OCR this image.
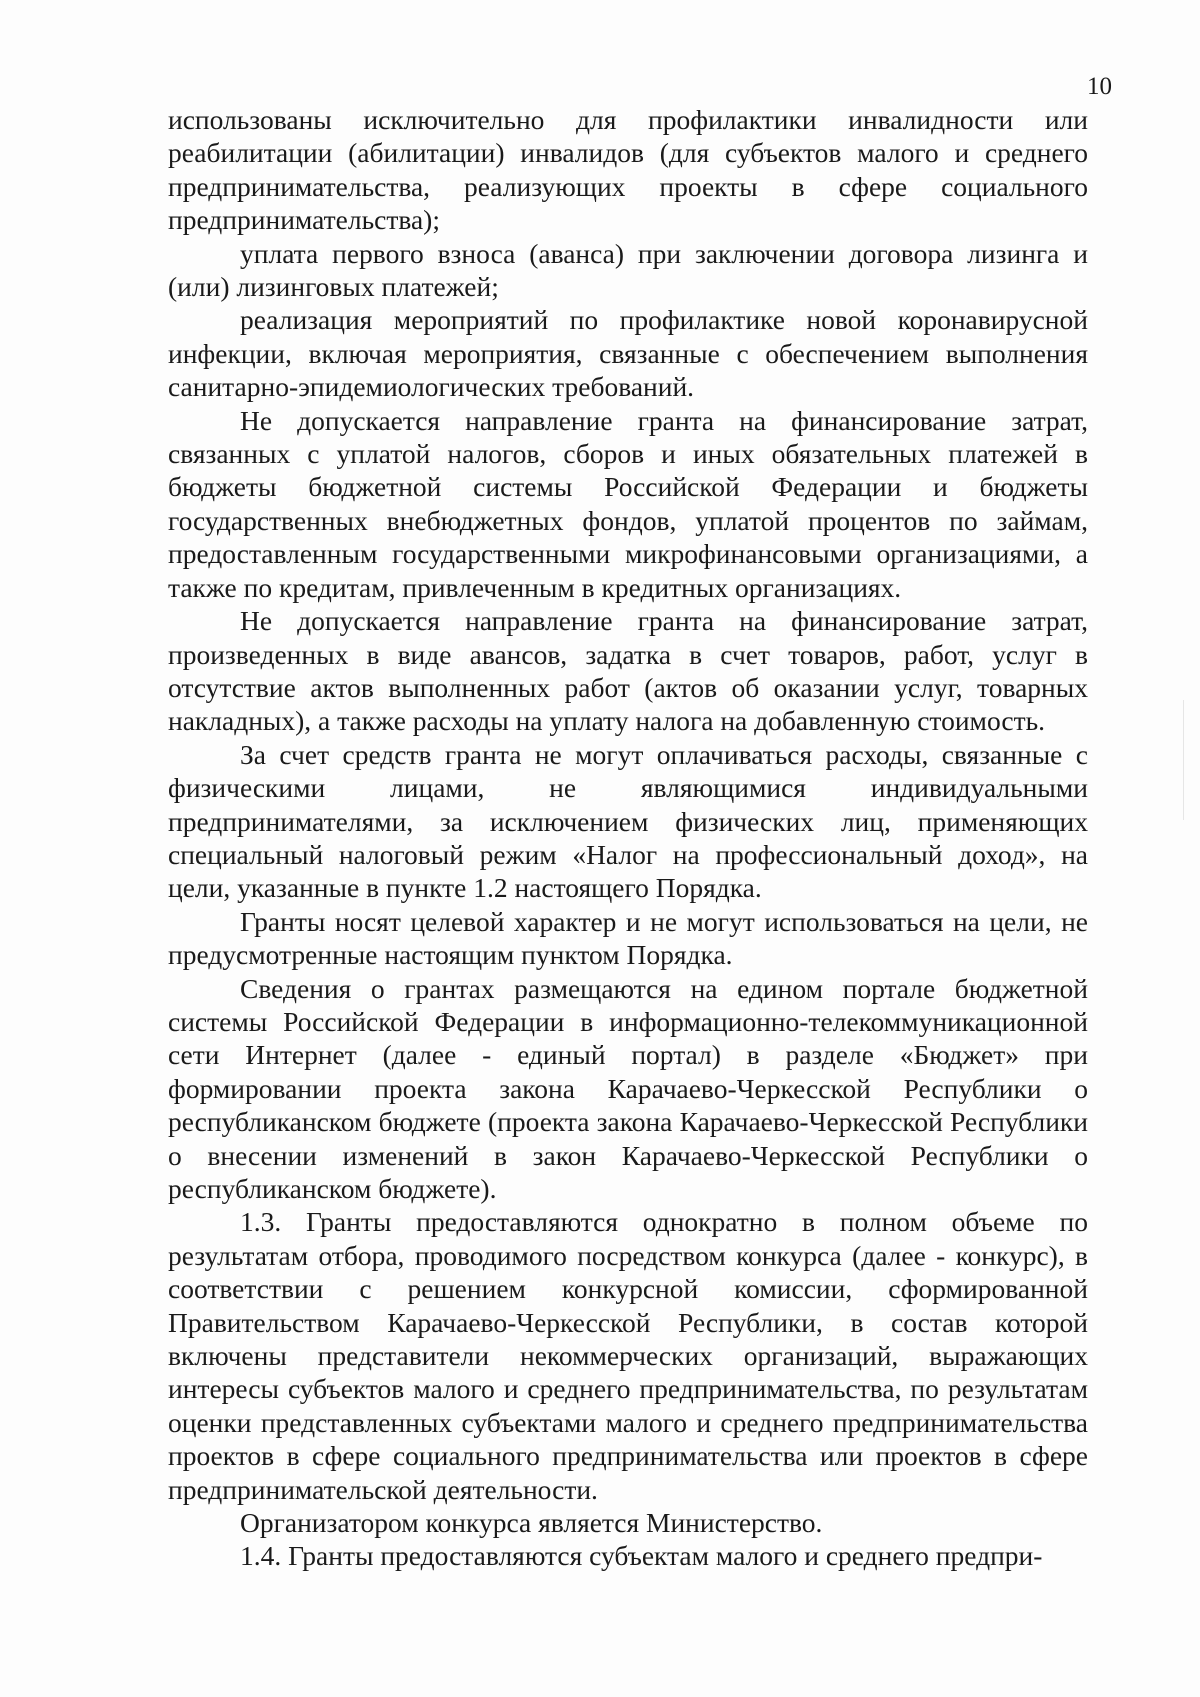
10

использованы исключительно для профилактики инвалидности или реабилитации (абилитации) инвалидов (для субъектов малого и среднего предпринимательства, реализующих проекты в сфере социального предпринимательства);

уплата первого взноса (аванса) при заключении договора лизинга и (или) лизинговых платежей;

реализация мероприятий по профилактике новой коронавирусной инфекции, включая мероприятия, связанные с обеспечением выполнения санитарно-эпидемиологических требований.

Не допускается направление гранта на финансирование затрат, связанных с уплатой налогов, сборов и иных обязательных платежей в бюджеты бюджетной системы Российской Федерации и бюджеты государственных внебюджетных фондов, уплатой процентов по займам, предоставленным государственными микрофинансовыми организациями, а также по кредитам, привлеченным в кредитных организациях.

Не допускается направление гранта на финансирование затрат, произведенных в виде авансов, задатка в счет товаров, работ, услуг в отсутствие актов выполненных работ (актов об оказании услуг, товарных накладных), а также расходы на уплату налога на добавленную стоимость.

За счет средств гранта не могут оплачиваться расходы, связанные с физическими лицами, не являющимися индивидуальными предпринимателями, за исключением физических лиц, применяющих специальный налоговый режим «Налог на профессиональный доход», на цели, указанные в пункте 1.2 настоящего Порядка.

Гранты носят целевой характер и не могут использоваться на цели, не предусмотренные настоящим пунктом Порядка.

Сведения о грантах размещаются на едином портале бюджетной системы Российской Федерации в информационно-телекоммуникационной сети Интернет (далее - единый портал) в разделе «Бюджет» при формировании проекта закона Карачаево-Черкесской Республики о республиканском бюджете (проекта закона Карачаево-Черкесской Республики о внесении изменений в закон Карачаево-Черкесской Республики о республиканском бюджете).

1.3. Гранты предоставляются однократно в полном объеме по результатам отбора, проводимого посредством конкурса (далее - конкурс), в соответствии с решением конкурсной комиссии, сформированной Правительством Карачаево-Черкесской Республики, в состав которой включены представители некоммерческих организаций, выражающих интересы субъектов малого и среднего предпринимательства, по результатам оценки представленных субъектами малого и среднего предпринимательства проектов в сфере социального предпринимательства или проектов в сфере предпринимательской деятельности.

Организатором конкурса является Министерство.

1.4. Гранты предоставляются субъектам малого и среднего предпри-
